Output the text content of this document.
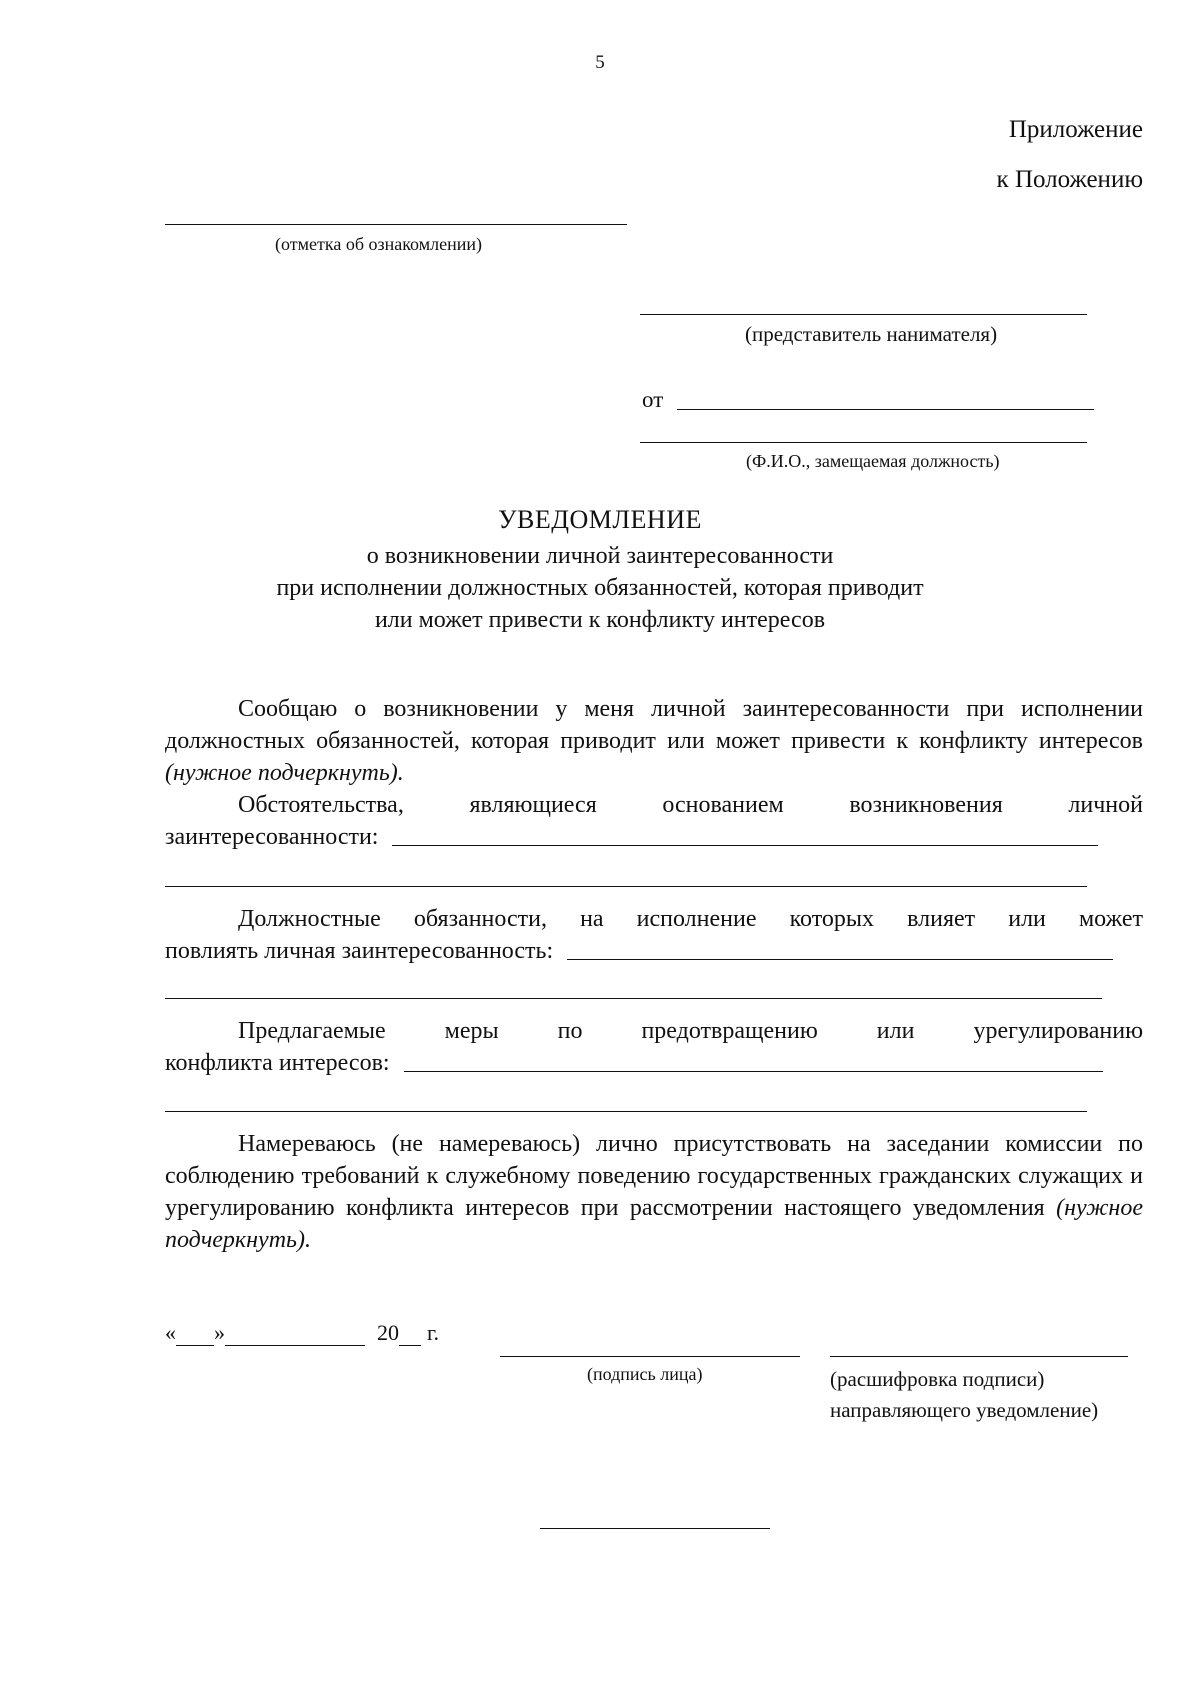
5
Приложение
к Положению
(отметка об ознакомлении)
(представитель нанимателя)
от
(Ф.И.О., замещаемая должность)
УВЕДОМЛЕНИЕ
о возникновении личной заинтересованности
при исполнении должностных обязанностей, которая приводит
или может привести к конфликту интересов

Сообщаю о возникновении у меня личной заинтересованности при исполнении должностных обязанностей, которая приводит или может привести к конфликту интересов (нужное подчеркнуть).

Обстоятельства, являющиеся основанием возникновения личной
заинтересованности:
Должностные обязанности, на исполнение которых влияет или может
повлиять личная заинтересованность:
Предлагаемые меры по предотвращению или урегулированию
конфликта интересов:

Намереваюсь (не намереваюсь) лично присутствовать на заседании комиссии по соблюдению требований к служебному поведению государственных гражданских служащих и урегулированию конфликта интересов при рассмотрении настоящего уведомления (нужное подчеркнуть).

« »	20 г.
(подпись лица)	(расшифровка подписи)
направляющего уведомление)
